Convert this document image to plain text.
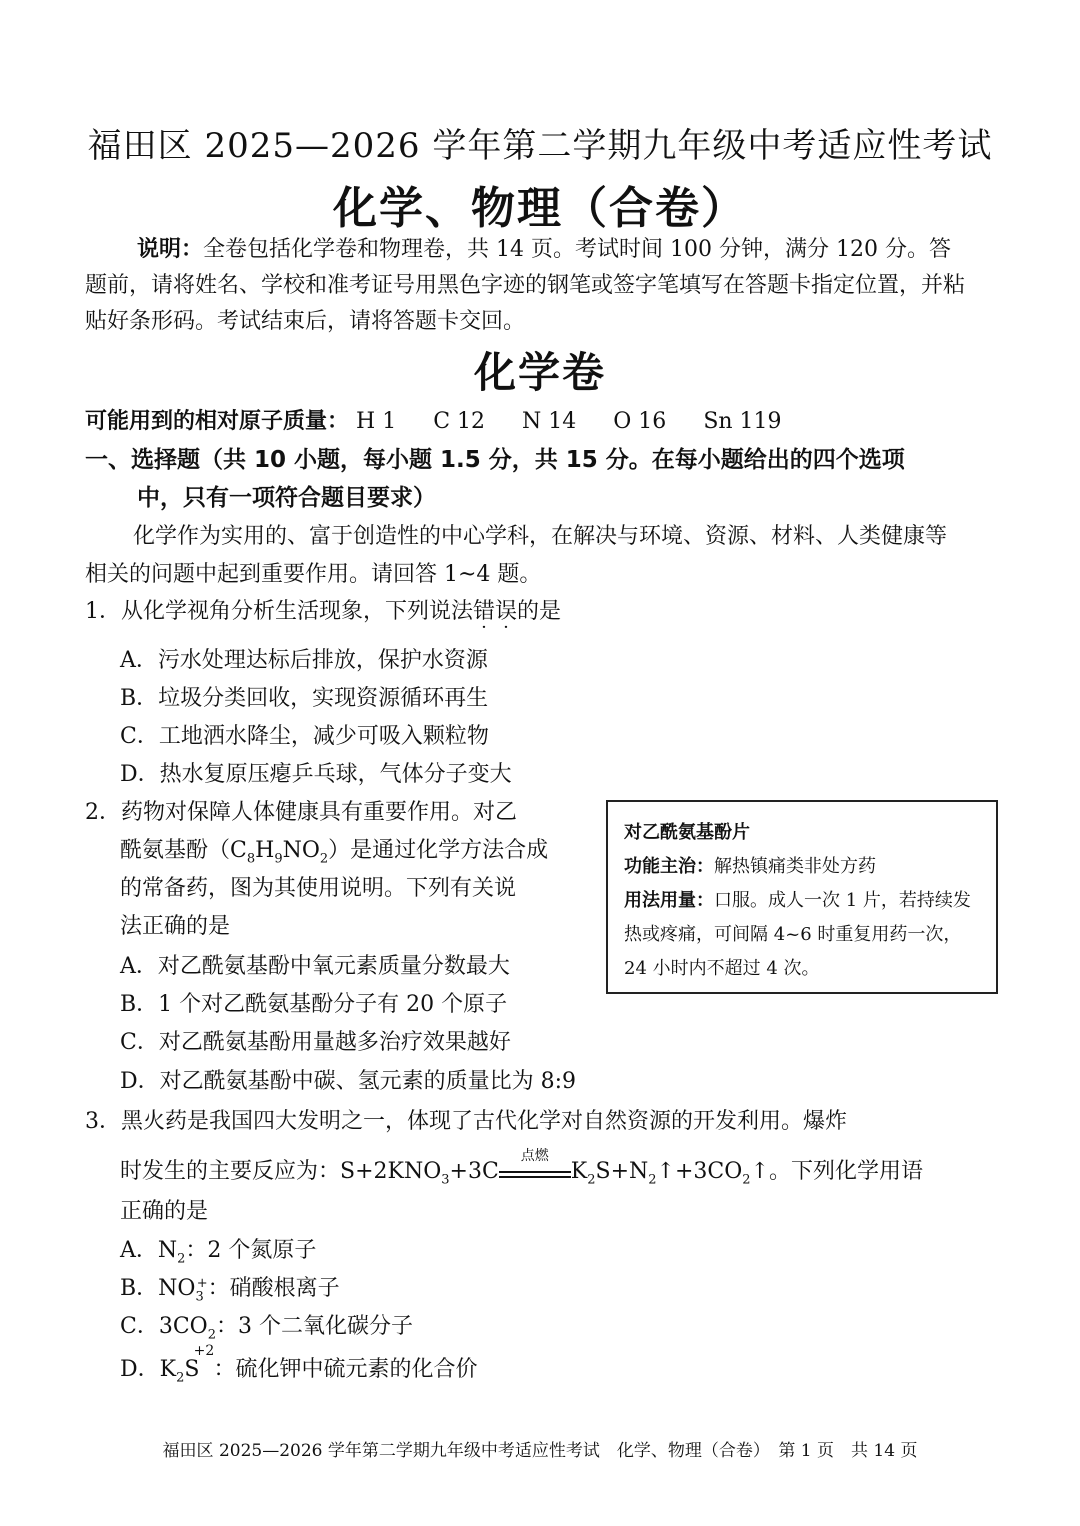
福田区 2025—2026 学年第二学期九年级中考适应性考试
化学、物理（合卷）
说明：全卷包括化学卷和物理卷，共 14 页。考试时间 100 分钟，满分 120 分。答题前，请将姓名、学校和准考证号用黑色字迹的钢笔或签字笔填写在答题卡指定位置，并粘贴好条形码。考试结束后，请将答题卡交回。
化学卷
可能用到的相对原子质量： H 1 C 12 N 14 O 16 Sn 119
一、选择题（共 10 小题，每小题 1.5 分，共 15 分。在每小题给出的四个选项
中，只有一项符合题目要求）
化学作为实用的、富于创造性的中心学科，在解决与环境、资源、材料、人类健康等相关的问题中起到重要作用。请回答 1~4 题。
1．从化学视角分析生活现象，下列说法错误的是
A．污水处理达标后排放，保护水资源
B．垃圾分类回收，实现资源循环再生
C．工地洒水降尘，减少可吸入颗粒物
D．热水复原压瘪乒乓球，气体分子变大
2．药物对保障人体健康具有重要作用。对乙
酰氨基酚$(C_8H_9NO_2)$是通过化学方法合成
的常备药，图为其使用说明。下列有关说
法正确的是
A．对乙酰氨基酚中氧元素质量分数最大
B．1 个对乙酰氨基酚分子有 20 个原子
C．对乙酰氨基酚用量越多治疗效果越好
D．对乙酰氨基酚中碳、氢元素的质量比为 8:9
对乙酰氨基酚片
功能主治：解热镇痛类非处方药
用法用量：口服。成人一次 1 片，若持续发热或疼痛，可间隔 4~6 时重复用药一次，24 小时内不超过 4 次。
3．黑火药是我国四大发明之一，体现了古代化学对自然资源的开发利用。爆炸
时发生的主要反应为：$S+2KNO_3+3C$
点燃
$K_2S+N_2↑+3CO_2↑$。下列化学用语
正确的是
A．$N_2$：2 个氮原子
B．$NO_3^+$：硝酸根离子
C．$3CO_2$：3 个二氧化碳分子
D．$K_2S$
+2
：硫化钾中硫元素的化合价
福田区 2025—2026 学年第二学期九年级中考适应性考试　化学、物理（合卷）　第 1 页　共 14 页
